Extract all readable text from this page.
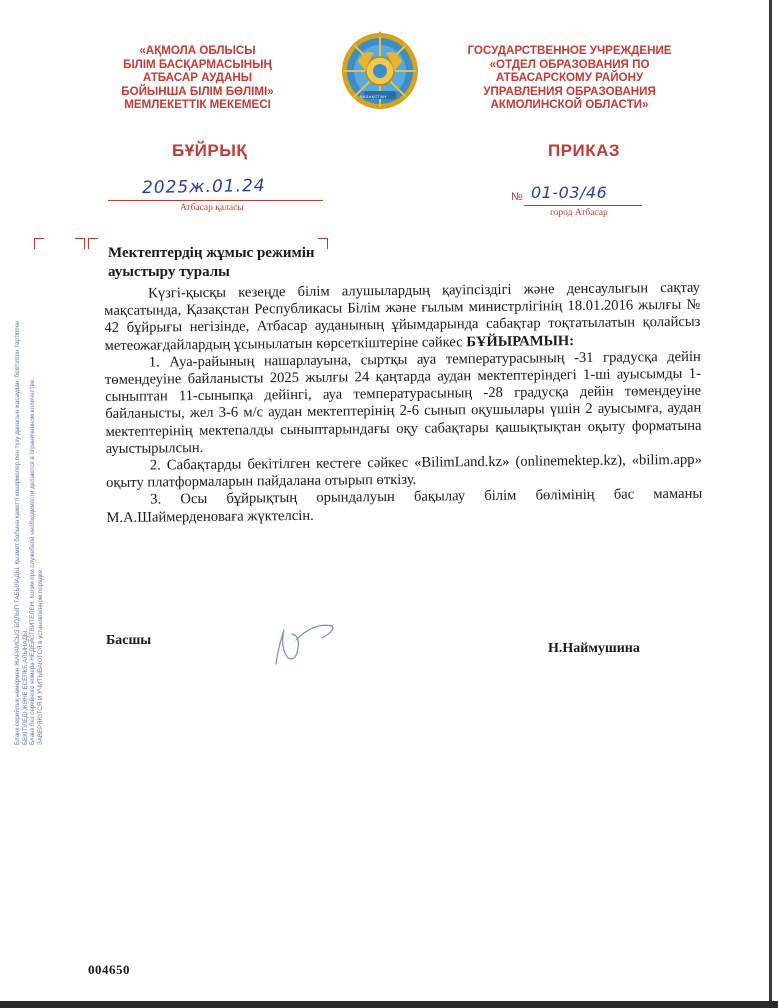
«АҚМОЛА ОБЛЫСЫ
БІЛІМ БАСҚАРМАСЫНЫҢ
АТБАСАР АУДАНЫ
БОЙЫНША БІЛІМ БӨЛІМІ»
МЕМЛЕКЕТТІК МЕКЕМЕСІ
ҚАЗАҚСТАН
ГОСУДАРСТВЕННОЕ УЧРЕЖДЕНИЕ
«ОТДЕЛ ОБРАЗОВАНИЯ ПО
АТБАСАРСКОМУ РАЙОНУ
УПРАВЛЕНИЯ ОБРАЗОВАНИЯ
АКМОЛИНСКОЙ ОБЛАСТИ»
БҰЙРЫҚ	ПРИКАЗ
2025ж.01.24
Атбасар қаласы
№ 01-03/46
город Атбасар
Мектептердің жұмыс режимін
ауыстыру туралы

Күзгі-қысқы кезеңде білім алушылардың қауіпсіздігі және денсаулығын сақтау мақсатында, Қазақстан Республикасы Білім және ғылым министрлігінің 18.01.2016 жылғы № 42 бұйрығы негізінде, Атбасар ауданының ұйымдарында сабақтар тоқтатылатын қолайсыз метеожағдайлардың ұсынылатын көрсеткіштеріне сәйкес БҰЙЫРАМЫН:

1. Ауа-райының нашарлауына, сыртқы ауа температурасының -31 градусқа дейін төмендеуіне байланысты 2025 жылғы 24 қаңтарда аудан мектептеріндегі 1-ші ауысымды 1-сыныптан 11-сыныпқа дейінгі, ауа температурасының -28 градусқа дейін төмендеуіне байланысты, жел 3-6 м/с аудан мектептерінің 2-6 сынып оқушылары үшін 2 ауысымға, аудан мектептерінің мектепалды сыныптарындағы оқу сабақтары қашықтықтан оқыту форматына ауыстырылсын.

2. Сабақтарды бекітілген кестеге сәйкес «BilimLand.kz» (onlinemektep.kz), «bilim.app» оқыту платформаларын пайдалана отырып өткізу.

3. Осы бұйрықтың орындалуын бақылау білім бөлімінің бас маманы М.А.Шаймерденоваға жүктелсін.

Басшы
Н.Наймушина
Бланк серийлық нөмермен ЖАРАМСЫЗ БОЛЫП ТАБЫЛАДЫ. Қызмет бабына қажетті көшірмелер пен түзу данасын жасаудан, бекітілген тәртіппен БЕКІТІЛЕДІ ЖӘНЕ ЕСЕПКЕ АЛЫНАДЫ. Бланк без серийного номера НЕДЕЙСТВИТЕЛЕН. Копии при служебной необходимости делаются в ограниченном количестве, ЗАВЕРЯЮТСЯ И УЧИТЫВАЮТСЯ в установленном порядке.
004650
